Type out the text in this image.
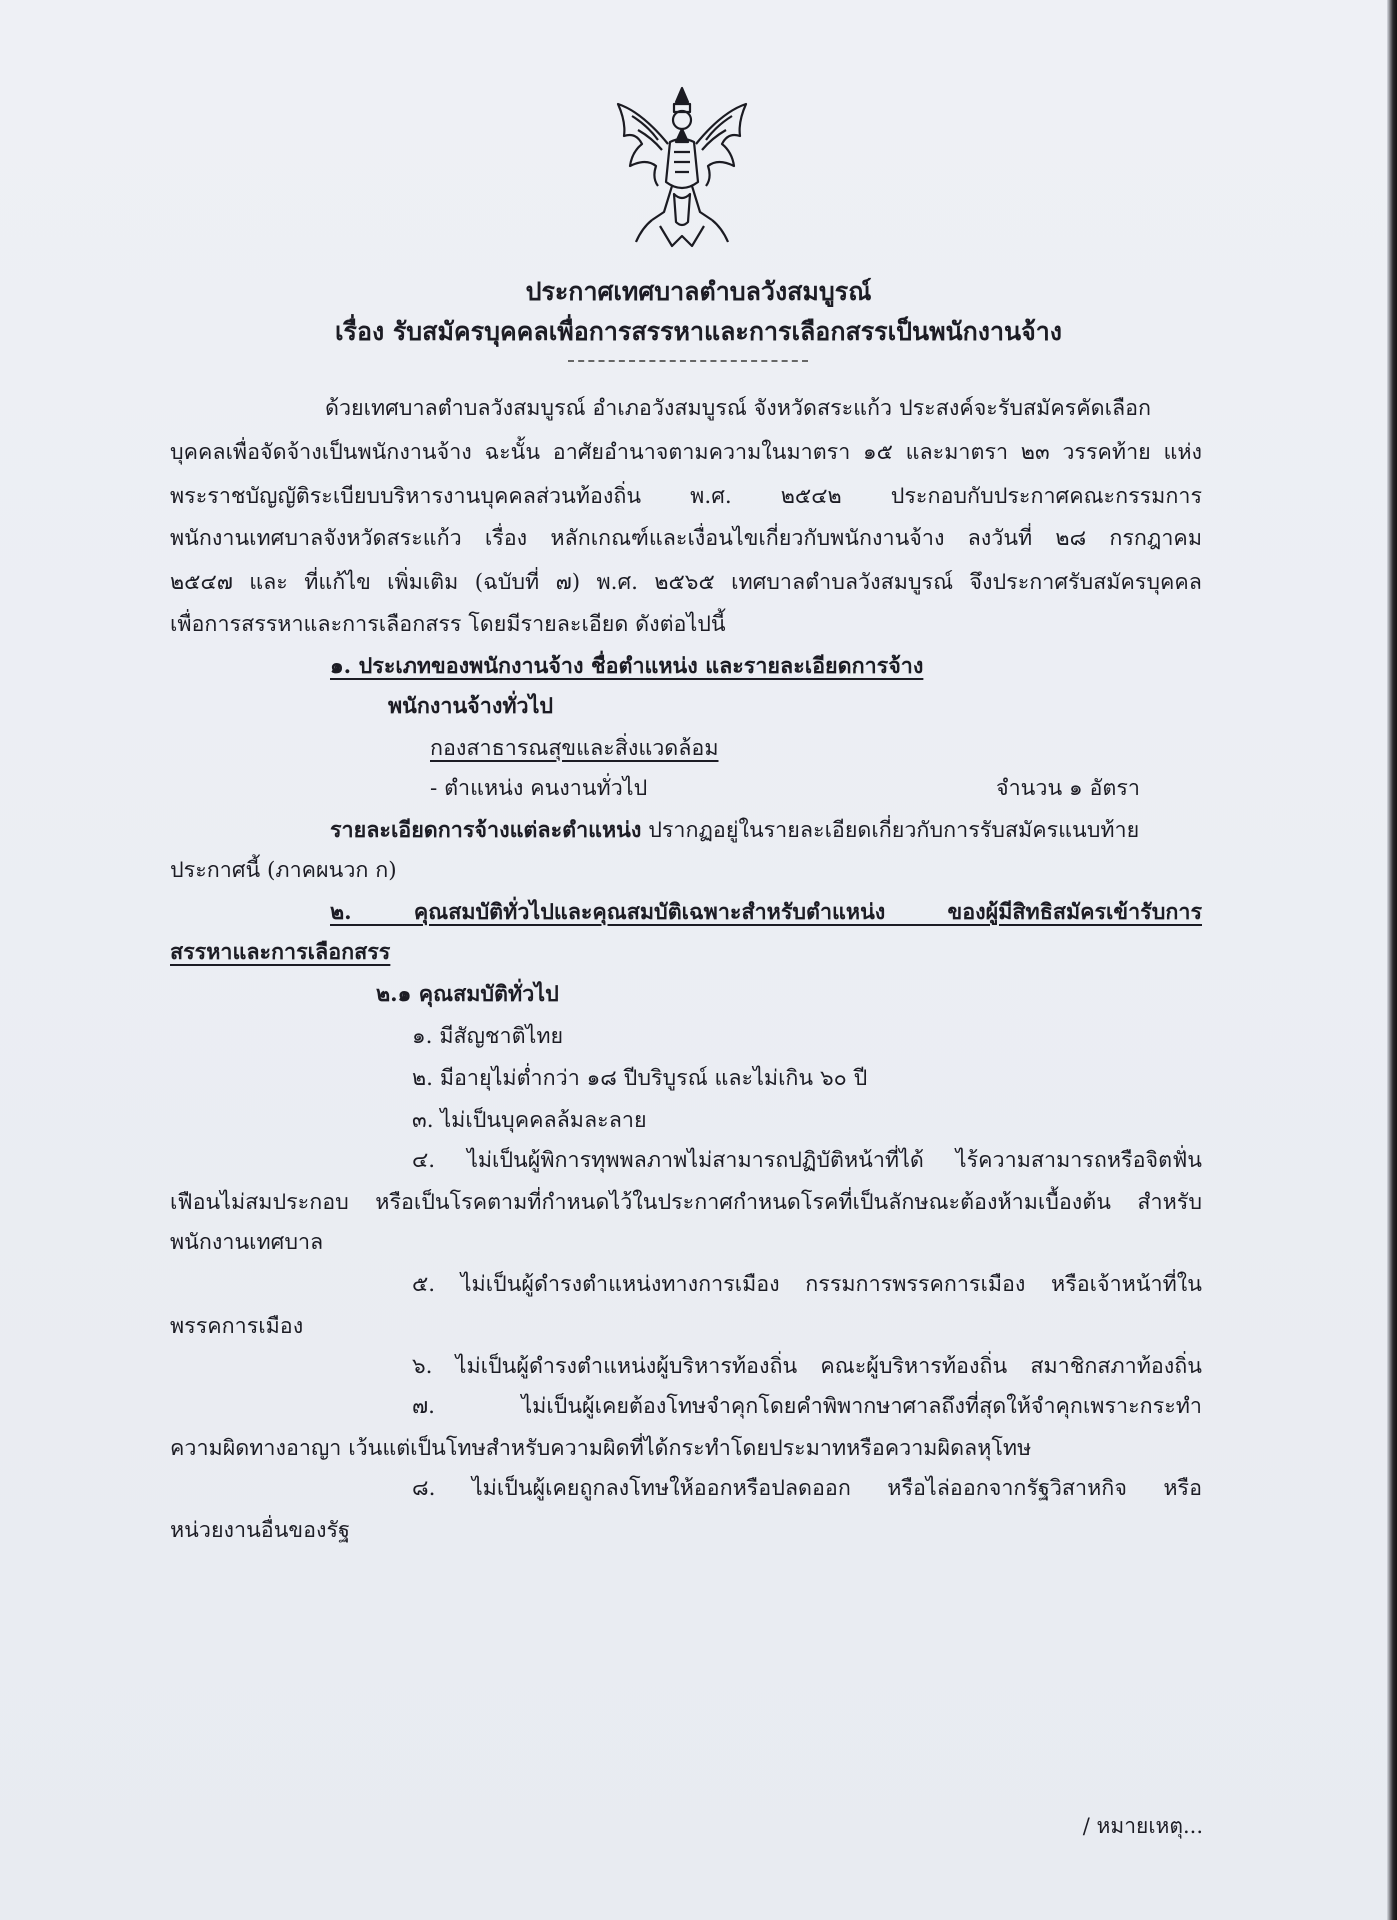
ประกาศเทศบาลตำบลวังสมบูรณ์
เรื่อง รับสมัครบุคคลเพื่อการสรรหาและการเลือกสรรเป็นพนักงานจ้าง
ด้วยเทศบาลตำบลวังสมบูรณ์ อำเภอวังสมบูรณ์ จังหวัดสระแก้ว ประสงค์จะรับสมัครคัดเลือก
บุคคลเพื่อจัดจ้างเป็นพนักงานจ้าง ฉะนั้น อาศัยอำนาจตามความในมาตรา ๑๕ และมาตรา ๒๓ วรรคท้าย แห่ง
พระราชบัญญัติระเบียบบริหารงานบุคคลส่วนท้องถิ่น พ.ศ. ๒๕๔๒ ประกอบกับประกาศคณะกรรมการ
พนักงานเทศบาลจังหวัดสระแก้ว เรื่อง หลักเกณฑ์และเงื่อนไขเกี่ยวกับพนักงานจ้าง ลงวันที่ ๒๘ กรกฎาคม
๒๕๔๗ และ ที่แก้ไข เพิ่มเติม (ฉบับที่ ๗) พ.ศ. ๒๕๖๕ เทศบาลตำบลวังสมบูรณ์ จึงประกาศรับสมัครบุคคล
เพื่อการสรรหาและการเลือกสรร โดยมีรายละเอียด ดังต่อไปนี้
๑. ประเภทของพนักงานจ้าง ชื่อตำแหน่ง และรายละเอียดการจ้าง
พนักงานจ้างทั่วไป
กองสาธารณสุขและสิ่งแวดล้อม
- ตำแหน่ง คนงานทั่วไป	จำนวน ๑ อัตรา
รายละเอียดการจ้างแต่ละตำแหน่ง ปรากฏอยู่ในรายละเอียดเกี่ยวกับการรับสมัครแนบท้าย
ประกาศนี้ (ภาคผนวก ก)
๒. คุณสมบัติทั่วไปและคุณสมบัติเฉพาะสำหรับตำแหน่ง ของผู้มีสิทธิสมัครเข้ารับการ
สรรหาและการเลือกสรร
๒.๑ คุณสมบัติทั่วไป
๑. มีสัญชาติไทย
๒. มีอายุไม่ต่ำกว่า ๑๘ ปีบริบูรณ์ และไม่เกิน ๖๐ ปี
๓. ไม่เป็นบุคคลล้มละลาย
๔. ไม่เป็นผู้พิการทุพพลภาพไม่สามารถปฏิบัติหน้าที่ได้ ไร้ความสามารถหรือจิตฟั่น
เฟือนไม่สมประกอบ หรือเป็นโรคตามที่กำหนดไว้ในประกาศกำหนดโรคที่เป็นลักษณะต้องห้ามเบื้องต้น สำหรับ
พนักงานเทศบาล
๕. ไม่เป็นผู้ดำรงตำแหน่งทางการเมือง กรรมการพรรคการเมือง หรือเจ้าหน้าที่ใน
พรรคการเมือง
๖. ไม่เป็นผู้ดำรงตำแหน่งผู้บริหารท้องถิ่น คณะผู้บริหารท้องถิ่น สมาชิกสภาท้องถิ่น
๗. ไม่เป็นผู้เคยต้องโทษจำคุกโดยคำพิพากษาศาลถึงที่สุดให้จำคุกเพราะกระทำ
ความผิดทางอาญา เว้นแต่เป็นโทษสำหรับความผิดที่ได้กระทำโดยประมาทหรือความผิดลหุโทษ
๘. ไม่เป็นผู้เคยถูกลงโทษให้ออกหรือปลดออก หรือไล่ออกจากรัฐวิสาหกิจ หรือ
หน่วยงานอื่นของรัฐ
/ หมายเหตุ...
